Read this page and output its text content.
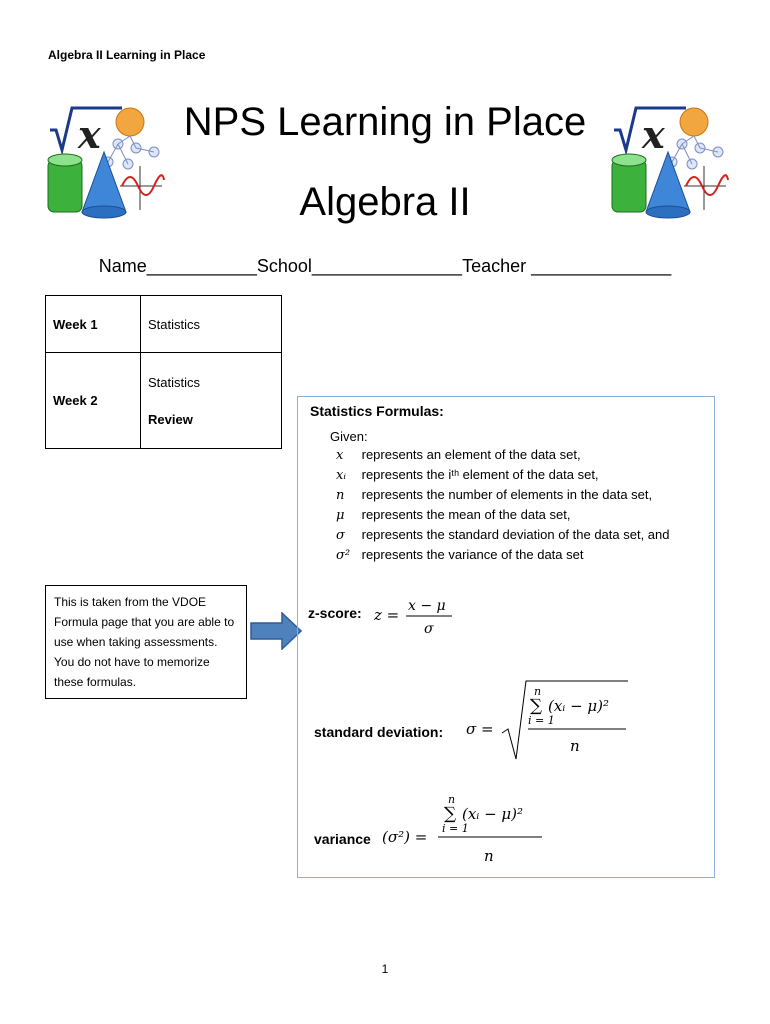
Algebra II Learning in Place
x	NPS Learning in Place
Algebra II
x
Name___________School_______________Teacher ______________
Week 1	Statistics
Week 2	Statistics
Review
This is taken from the VDOE Formula page that you are able to use when taking assessments. You do not have to memorize these formulas.
Statistics Formulas:
Given:
x represents an element of the data set,
xᵢ represents the iᵗʰ element of the data set,
n represents the number of elements in the data set,
μ represents the mean of the data set,
σ represents the standard deviation of the data set, and
σ² represents the variance of the data set
z-score: z = x − μ
σ
standard deviation: σ =
n
∑
i = 1
(xᵢ − μ)²
n
variance (σ²) =
n
∑
i = 1
(xᵢ − μ)²
n
1
